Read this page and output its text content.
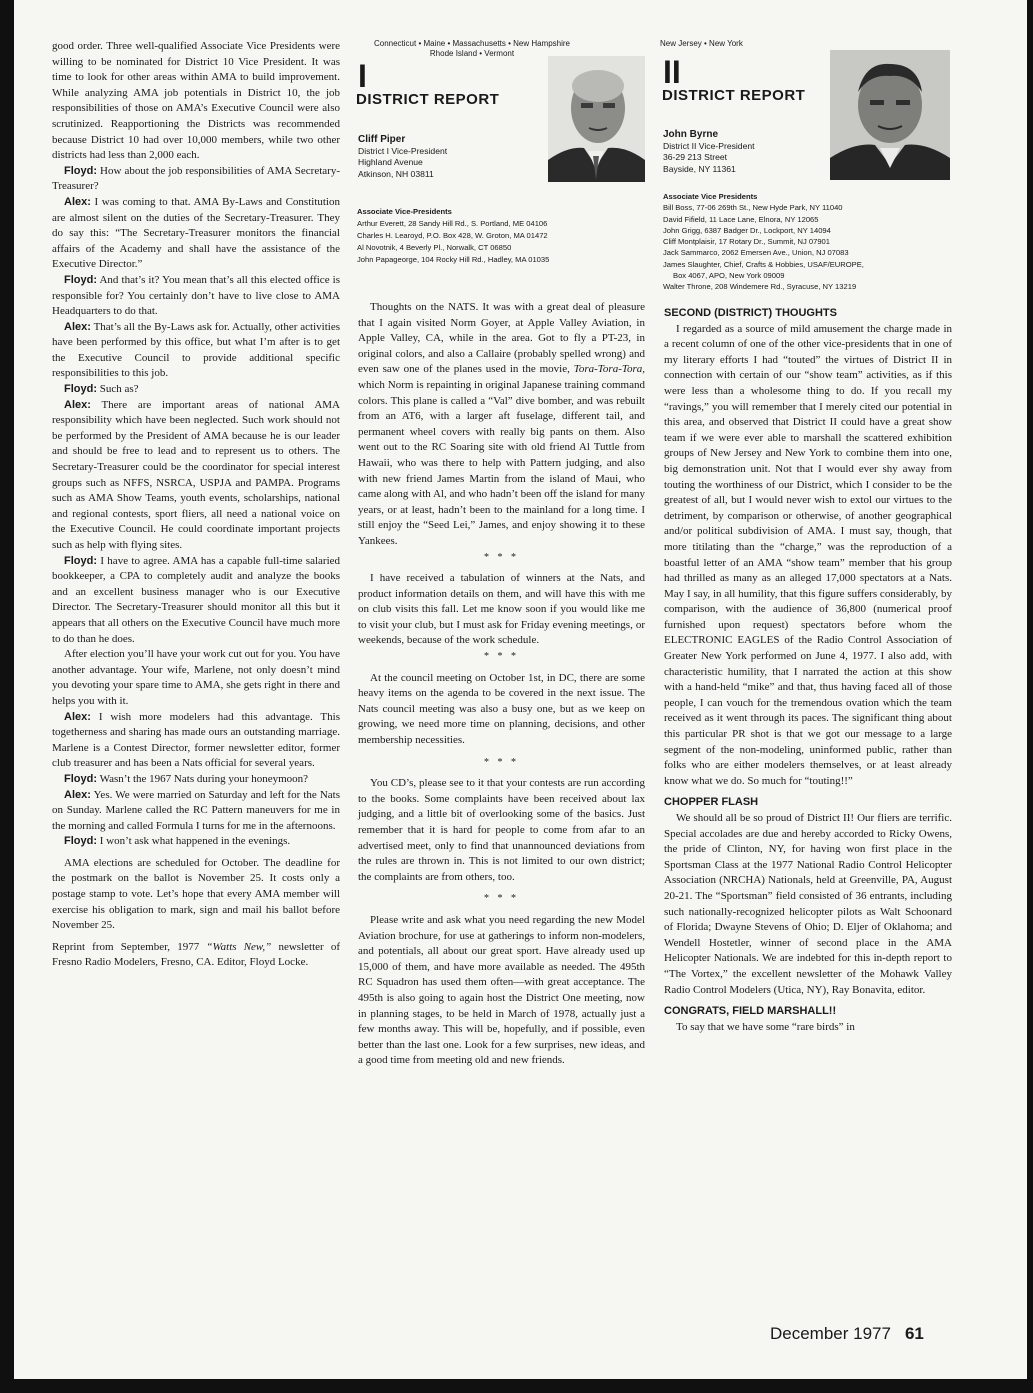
good order. Three well-qualified Associate Vice Presidents were willing to be nominated for District 10 Vice President. It was time to look for other areas within AMA to build improvement. While analyzing AMA job potentials in District 10, the job responsibilities of those on AMA’s Executive Council were also scrutinized. Reapportioning the Districts was recommended because District 10 had over 10,000 members, while two other districts had less than 2,000 each.

Floyd: How about the job responsibilities of AMA Secretary-Treasurer?

Alex: I was coming to that. AMA By-Laws and Constitution are almost silent on the duties of the Secretary-Treasurer. They do say this: “The Secretary-Treasurer monitors the financial affairs of the Academy and shall have the assistance of the Executive Director.”

Floyd: And that’s it? You mean that’s all this elected office is responsible for? You certainly don’t have to live close to AMA Headquarters to do that.

Alex: That’s all the By-Laws ask for. Actually, other activities have been performed by this office, but what I’m after is to get the Executive Council to provide additional specific responsibilities to this job.

Floyd: Such as?

Alex: There are important areas of national AMA responsibility which have been neglected. Such work should not be performed by the President of AMA because he is our leader and should be free to lead and to represent us to others. The Secretary-Treasurer could be the coordinator for special interest groups such as NFFS, NSRCA, USPJA and PAMPA. Programs such as AMA Show Teams, youth events, scholarships, national and regional contests, sport fliers, all need a national voice on the Executive Council. He could coordinate important projects such as help with flying sites.

Floyd: I have to agree. AMA has a capable full-time salaried bookkeeper, a CPA to completely audit and analyze the books and an excellent business manager who is our Executive Director. The Secretary-Treasurer should monitor all this but it appears that all others on the Executive Council have much more to do than he does.

After election you’ll have your work cut out for you. You have another advantage. Your wife, Marlene, not only doesn’t mind you devoting your spare time to AMA, she gets right in there and helps you with it.

Alex: I wish more modelers had this advantage. This togetherness and sharing has made ours an outstanding marriage. Marlene is a Contest Director, former newsletter editor, former club treasurer and has been a Nats official for several years.

Floyd: Wasn’t the 1967 Nats during your honeymoon?

Alex: Yes. We were married on Saturday and left for the Nats on Sunday. Marlene called the RC Pattern maneuvers for me in the morning and called Formula I turns for me in the afternoons.

Floyd: I won’t ask what happened in the evenings.

AMA elections are scheduled for October. The deadline for the postmark on the ballot is November 25. It costs only a postage stamp to vote. Let’s hope that every AMA member will exercise his obligation to mark, sign and mail his ballot before November 25.

Reprint from September, 1977 “Watts New,” newsletter of Fresno Radio Modelers, Fresno, CA. Editor, Floyd Locke.

Connecticut • Maine • Massachusetts • New Hampshire
Rhode Island • Vermont
I
DISTRICT REPORT
Cliff Piper
District I Vice-President
Highland Avenue
Atkinson, NH 03811
Associate Vice-Presidents
Arthur Everett, 28 Sandy Hill Rd., S. Portland, ME 04106
Charles H. Learoyd, P.O. Box 428, W. Groton, MA 01472
Al Novotnik, 4 Beverly Pl., Norwalk, CT 06850
John Papageorge, 104 Rocky Hill Rd., Hadley, MA 01035

Thoughts on the NATS. It was with a great deal of pleasure that I again visited Norm Goyer, at Apple Valley Aviation, in Apple Valley, CA, while in the area. Got to fly a PT-23, in original colors, and also a Callaire (probably spelled wrong) and even saw one of the planes used in the movie, Tora-Tora-Tora, which Norm is repainting in original Japanese training command colors. This plane is called a “Val” dive bomber, and was rebuilt from an AT6, with a larger aft fuselage, different tail, and permanent wheel covers with really big pants on them. Also went out to the RC Soaring site with old friend Al Tuttle from Hawaii, who was there to help with Pattern judging, and also with new friend James Martin from the island of Maui, who came along with Al, and who hadn’t been off the island for many years, or at least, hadn’t been to the mainland for a long time. I still enjoy the “Seed Lei,” James, and enjoy showing it to these Yankees.

* * *

I have received a tabulation of winners at the Nats, and product information details on them, and will have this with me on club visits this fall. Let me know soon if you would like me to visit your club, but I must ask for Friday evening meetings, or weekends, because of the work schedule.

* * *

At the council meeting on October 1st, in DC, there are some heavy items on the agenda to be covered in the next issue. The Nats council meeting was also a busy one, but as we keep on growing, we need more time on planning, decisions, and other membership necessities.

* * *

You CD’s, please see to it that your contests are run according to the books. Some complaints have been received about lax judging, and a little bit of overlooking some of the basics. Just remember that it is hard for people to come from afar to an advertised meet, only to find that unannounced deviations from the rules are thrown in. This is not limited to our own district; the complaints are from others, too.

* * *

Please write and ask what you need regarding the new Model Aviation brochure, for use at gatherings to inform non-modelers, and potentials, all about our great sport. Have already used up 15,000 of them, and have more available as needed. The 495th RC Squadron has used them often—with great acceptance. The 495th is also going to again host the District One meeting, now in planning stages, to be held in March of 1978, actually just a few months away. This will be, hopefully, and if possible, even better than the last one. Look for a few surprises, new ideas, and a good time from meeting old and new friends.

New Jersey • New York
II
DISTRICT REPORT
John Byrne
District II Vice-President
36-29 213 Street
Bayside, NY 11361
Associate Vice Presidents
Bill Boss, 77-06 269th St., New Hyde Park, NY 11040
David Fifield, 11 Lace Lane, Elnora, NY 12065
John Grigg, 6387 Badger Dr., Lockport, NY 14094
Cliff Montplaisir, 17 Rotary Dr., Summit, NJ 07901
Jack Sammarco, 2062 Emersen Ave., Union, NJ 07083
James Slaughter, Chief, Crafts & Hobbies, USAF/EUROPE,
Box 4067, APO, New York 09009
Walter Throne, 208 Windemere Rd., Syracuse, NY 13219

SECOND (DISTRICT) THOUGHTS

I regarded as a source of mild amusement the charge made in a recent column of one of the other vice-presidents that in one of my literary efforts I had “touted” the virtues of District II in connection with certain of our “show team” activities, as if this were less than a wholesome thing to do. If you recall my “ravings,” you will remember that I merely cited our potential in this area, and observed that District II could have a great show team if we were ever able to marshall the scattered exhibition groups of New Jersey and New York to combine them into one, big demonstration unit. Not that I would ever shy away from touting the worthiness of our District, which I consider to be the greatest of all, but I would never wish to extol our virtues to the detriment, by comparison or otherwise, of another geographical and/or political subdivision of AMA. I must say, though, that more titilating than the “charge,” was the reproduction of a boastful letter of an AMA “show team” member that his group had thrilled as many as an alleged 17,000 spectators at a Nats. May I say, in all humility, that this figure suffers considerably, by comparison, with the audience of 36,800 (numerical proof furnished upon request) spectators before whom the ELECTRONIC EAGLES of the Radio Control Association of Greater New York performed on June 4, 1977. I also add, with characteristic humility, that I narrated the action at this show with a hand-held “mike” and that, thus having faced all of those people, I can vouch for the tremendous ovation which the team received as it went through its paces. The significant thing about this particular PR shot is that we got our message to a large segment of the non-modeling, uninformed public, rather than folks who are either modelers themselves, or at least already know what we do. So much for “touting!!”

CHOPPER FLASH

We should all be so proud of District II! Our fliers are terrific. Special accolades are due and hereby accorded to Ricky Owens, the pride of Clinton, NY, for having won first place in the Sportsman Class at the 1977 National Radio Control Helicopter Association (NRCHA) Nationals, held at Greenville, PA, August 20-21. The “Sportsman” field consisted of 36 entrants, including such nationally-recognized helicopter pilots as Walt Schoonard of Florida; Dwayne Stevens of Ohio; D. Eljer of Oklahoma; and Wendell Hostetler, winner of second place in the AMA Helicopter Nationals. We are indebted for this in-depth report to “The Vortex,” the excellent newsletter of the Mohawk Valley Radio Control Modelers (Utica, NY), Ray Bonavita, editor.

CONGRATS, FIELD MARSHALL!!

To say that we have some “rare birds” in

December 1977 61
